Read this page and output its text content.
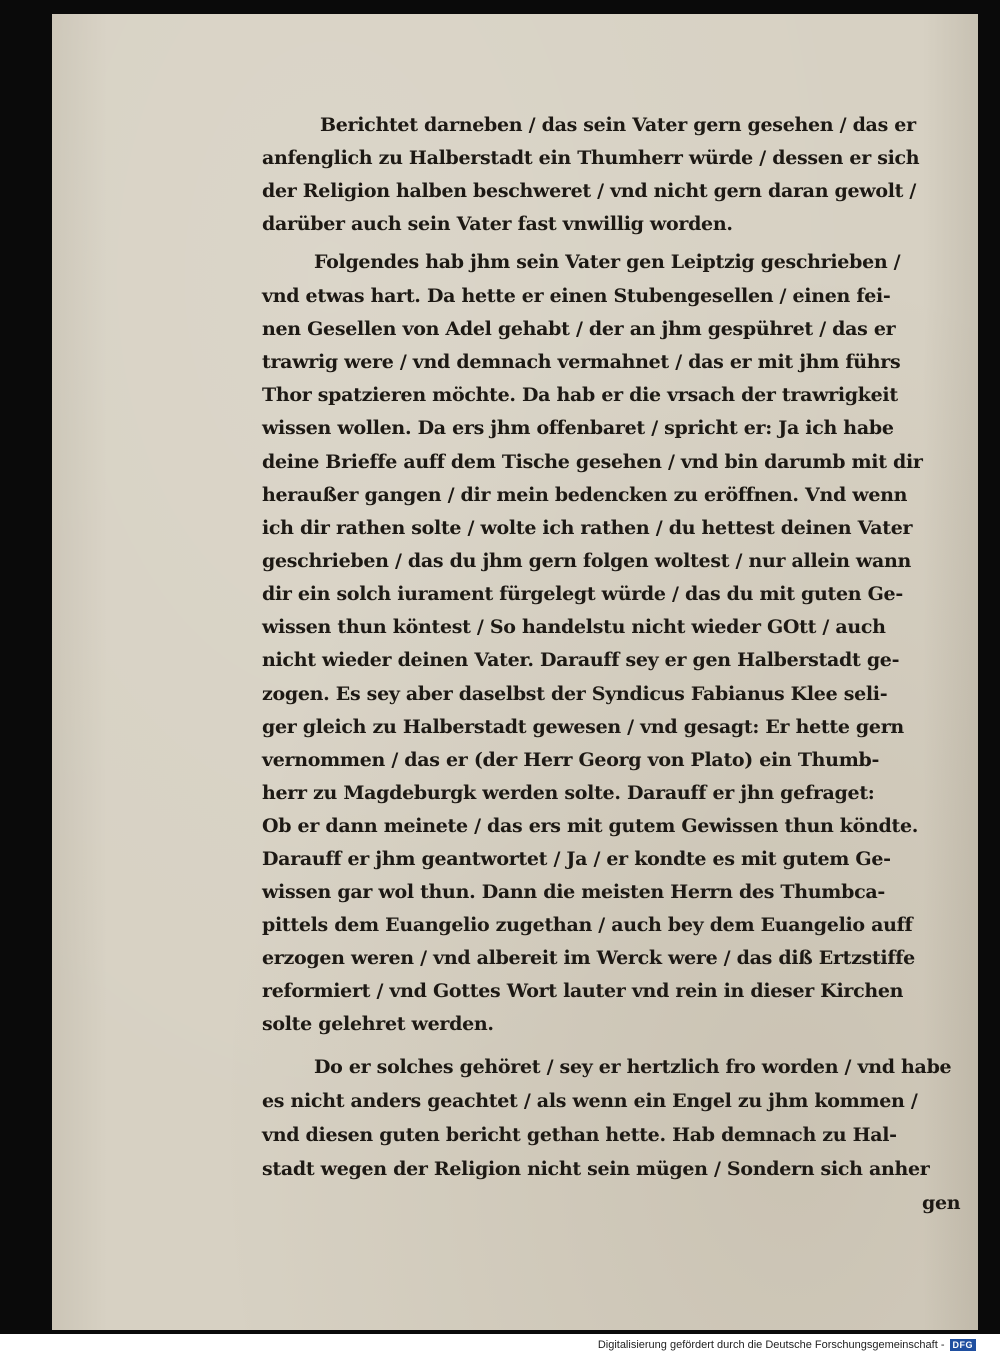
Berichtet darneben / das sein Vater gern gesehen / das er
anfenglich zu Halberstadt ein Thumherr würde / dessen er sich
der Religion halben beschweret / vnd nicht gern daran gewolt /
darüber auch sein Vater fast vnwillig worden.
Folgendes hab jhm sein Vater gen Leiptzig geschrieben /
vnd etwas hart. Da hette er einen Stubengesellen / einen fei-
nen Gesellen von Adel gehabt / der an jhm gespühret / das er
trawrig were / vnd demnach vermahnet / das er mit jhm führs
Thor spatzieren möchte. Da hab er die vrsach der trawrigkeit
wissen wollen. Da ers jhm offenbaret / spricht er: Ja ich habe
deine Brieffe auff dem Tische gesehen / vnd bin darumb mit dir
heraußer gangen / dir mein bedencken zu eröffnen. Vnd wenn
ich dir rathen solte / wolte ich rathen / du hettest deinen Vater
geschrieben / das du jhm gern folgen woltest / nur allein wann
dir ein solch iurament fürgelegt würde / das du mit guten Ge-
wissen thun köntest / So handelstu nicht wieder GOtt / auch
nicht wieder deinen Vater. Darauff sey er gen Halberstadt ge-
zogen. Es sey aber daselbst der Syndicus Fabianus Klee seli-
ger gleich zu Halberstadt gewesen / vnd gesagt: Er hette gern
vernommen / das er (der Herr Georg von Plato) ein Thumb-
herr zu Magdeburgk werden solte. Darauff er jhn gefraget:
Ob er dann meinete / das ers mit gutem Gewissen thun köndte.
Darauff er jhm geantwortet / Ja / er kondte es mit gutem Ge-
wissen gar wol thun. Dann die meisten Herrn des Thumbca-
pittels dem Euangelio zugethan / auch bey dem Euangelio auff
erzogen weren / vnd albereit im Werck were / das diß Ertzstiffe
reformiert / vnd Gottes Wort lauter vnd rein in dieser Kirchen
solte gelehret werden.
Do er solches gehöret / sey er hertzlich fro worden / vnd habe
es nicht anders geachtet / als wenn ein Engel zu jhm kommen /
vnd diesen guten bericht gethan hette. Hab demnach zu Hal-
stadt wegen der Religion nicht sein mügen / Sondern sich anher
gen
Digitalisierung gefördert durch die Deutsche Forschungsgemeinschaft - DFG
